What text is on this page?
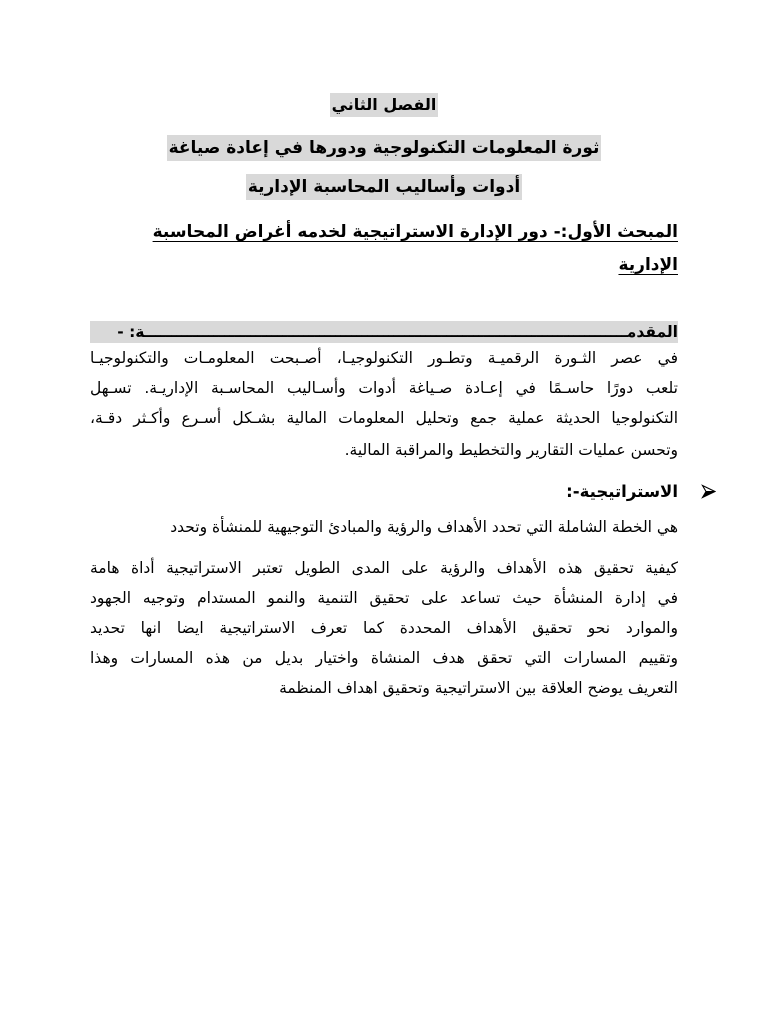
الفصل الثاني
ثورة المعلومات التكنولوجية ودورها في إعادة صياغة
أدوات وأساليب المحاسبة الإدارية
المبحث الأول:- دور الإدارة الاستراتيجية لخدمه أغراض المحاسبة
الإدارية
المقدمـــــــــــــــــــــــــــــــــــــــــــــــــــــــــــــــــــــــــــــــــــــــــــة: -
في عصر الثـورة الرقميـة وتطـور التكنولوجيـا، أصـبحت المعلومـات والتكنولوجيـا
تلعب دورًا حاسـمًا في إعـادة صـياغة أدوات وأسـاليب المحاسـبة الإداريـة. تسـهل
التكنولوجيا الحديثة عملية جمع وتحليل المعلومات المالية بشـكل أسـرع وأكـثر دقـة،
وتحسن عمليات التقارير والتخطيط والمراقبة المالية.
الاستراتيجية-:
هي الخطة الشاملة التي تحدد الأهداف والرؤية والمبادئ التوجيهية للمنشأة وتحدد
كيفية تحقيق هذه الأهداف والرؤية على المدى الطويل تعتبر الاستراتيجية أداة هامة
في إدارة المنشأة حيث تساعد على تحقيق التنمية والنمو المستدام وتوجيه الجهود
والموارد نحو تحقيق الأهداف المحددة كما تعرف الاستراتيجية ايضا انها تحديد
وتقييم المسارات التي تحقق هدف المنشاة واختيار بديل من هذه المسارات وهذا
التعريف يوضح العلاقة بين الاستراتيجية وتحقيق اهداف المنظمة
